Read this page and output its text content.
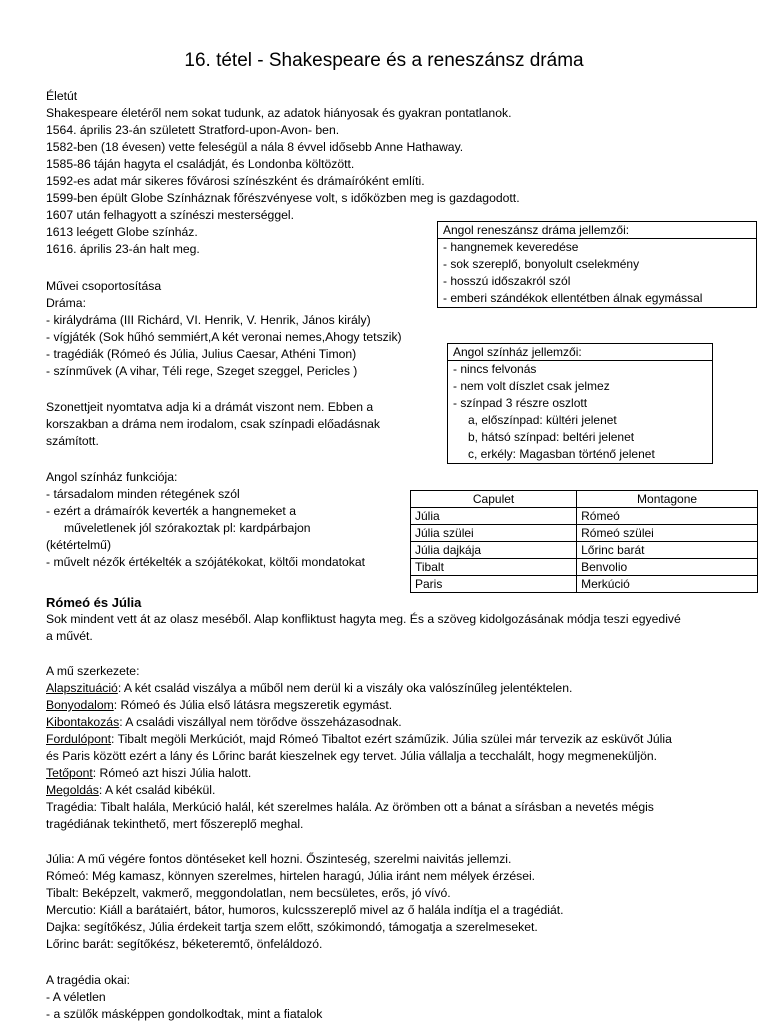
16. tétel - Shakespeare és a reneszánsz dráma
Életút
Shakespeare életéről nem sokat tudunk, az adatok hiányosak és gyakran pontatlanok.
1564. április 23-án született Stratford-upon-Avon- ben.
1582-ben (18 évesen) vette feleségül a nála 8 évvel idősebb Anne Hathaway.
1585-86 táján hagyta el családját, és Londonba költözött.
1592-es adat már sikeres fővárosi színészként és drámaíróként említi.
1599-ben épült Globe Színháznak főrészvényese volt, s időközben meg is gazdagodott.
1607 után felhagyott a színészi mesterséggel.
1613 leégett Globe színház.
1616. április 23-án halt meg.
Művei csoportosítása
Dráma:
- királydráma (III Richárd, VI. Henrik, V. Henrik, János király)
- vígjáték (Sok hűhó semmiért,A két veronai nemes,Ahogy tetszik)
- tragédiák (Rómeó és Júlia, Julius Caesar, Athéni Timon)
- színművek (A vihar, Téli rege, Szeget szeggel, Pericles )
Szonettjeit nyomtatva adja ki a drámát viszont nem. Ebben a
korszakban a dráma nem irodalom, csak színpadi előadásnak
számított.
Angol színház funkciója:
- társadalom minden rétegének szól
- ezért a drámaírók keverték a hangnemeket a
műveletlenek jól szórakoztak pl: kardpárbajon
(kétértelmű)
- művelt nézők értékelték a szójátékokat, költői mondatokat
Angol reneszánsz dráma jellemzői:
- hangnemek keveredése
- sok szereplő, bonyolult cselekmény
- hosszú időszakról szól
- emberi szándékok ellentétben álnak egymással
Angol színház jellemzői:
- nincs felvonás
- nem volt díszlet csak jelmez
- színpad 3 részre oszlott
a, előszínpad: kültéri jelenet
b, hátsó színpad: beltéri jelenet
c, erkély: Magasban történő jelenet
Capulet	Montagone
Júlia	Rómeó
Júlia szülei	Rómeó szülei
Júlia dajkája	Lőrinc barát
Tibalt	Benvolio
Paris	Merkúció
Rómeó és Júlia
Sok mindent vett át az olasz meséből. Alap konfliktust hagyta meg. És a szöveg kidolgozásának módja teszi egyedivé
a művét.
A mű szerkezete:
Alapszituáció: A két család viszálya a műből nem derül ki a viszály oka valószínűleg jelentéktelen.
Bonyodalom: Rómeó és Júlia első látásra megszeretik egymást.
Kibontakozás: A családi viszállyal nem törődve összeházasodnak.
Fordulópont: Tibalt megöli Merkúciót, majd Rómeó Tibaltot ezért száműzik. Júlia szülei már tervezik az esküvőt Júlia
és Paris között ezért a lány és Lőrinc barát kieszelnek egy tervet. Júlia vállalja a tecchalált, hogy megmeneküljön.
Tetőpont: Rómeó azt hiszi Júlia halott.
Megoldás: A két család kibékül.
Tragédia: Tibalt halála, Merkúció halál, két szerelmes halála. Az örömben ott a bánat a sírásban a nevetés mégis
tragédiának tekinthető, mert főszereplő meghal.
Júlia: A mű végére fontos döntéseket kell hozni. Őszinteség, szerelmi naivitás jellemzi.
Rómeó: Még kamasz, könnyen szerelmes, hirtelen haragú, Júlia iránt nem mélyek érzései.
Tibalt: Beképzelt, vakmerő, meggondolatlan, nem becsületes, erős, jó vívó.
Mercutio: Kiáll a barátaiért, bátor, humoros, kulcsszereplő mivel az ő halála indítja el a tragédiát.
Dajka: segítőkész, Júlia érdekeit tartja szem előtt, szókimondó, támogatja a szerelmeseket.
Lőrinc barát: segítőkész, béketeremtő, önfeláldozó.
A tragédia okai:
- A véletlen
- a szülők másképpen gondolkodtak, mint a fiatalok
